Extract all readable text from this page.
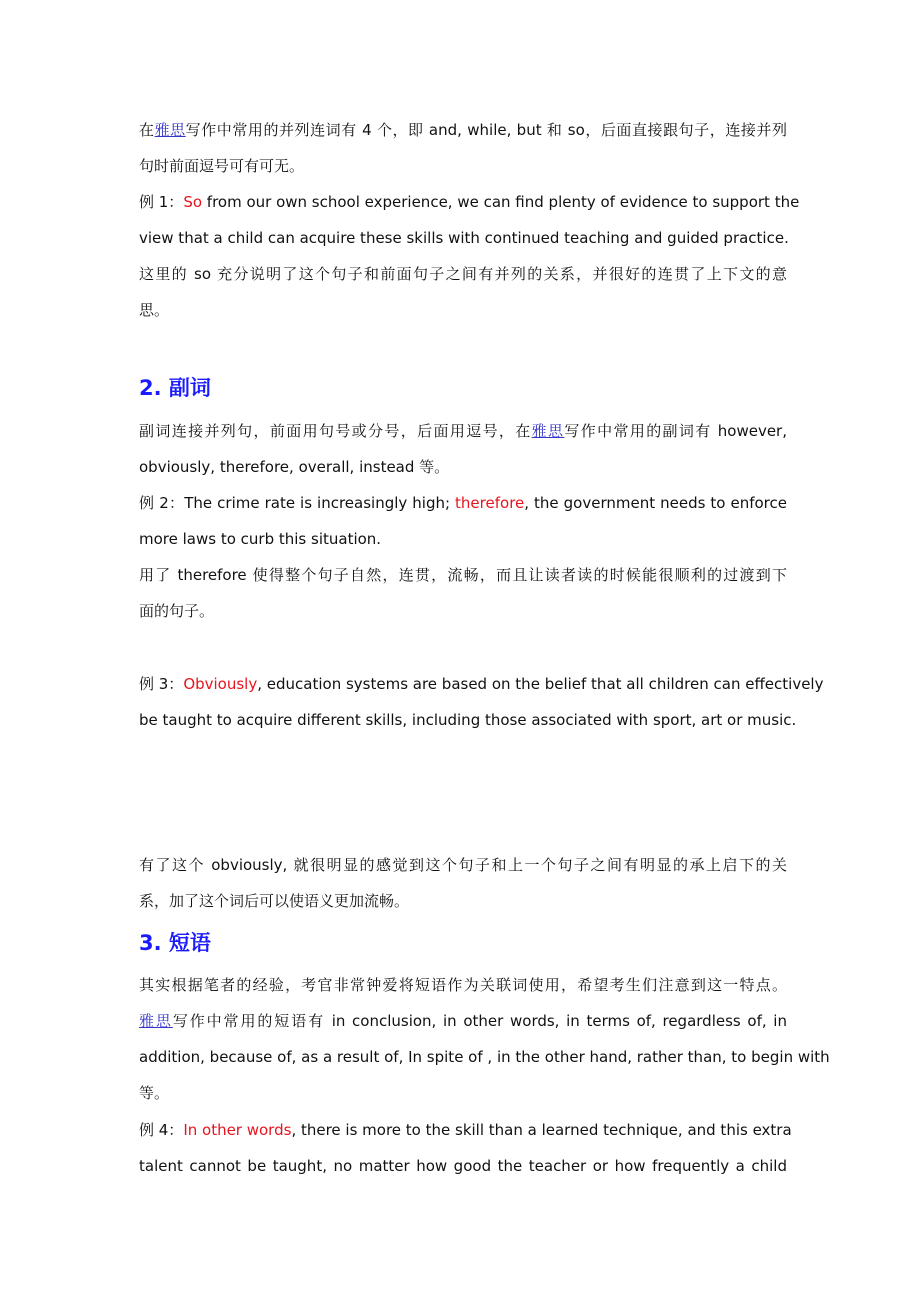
在雅思写作中常用的并列连词有 4 个，即 and, while, but 和 so，后面直接跟句子，连接并列
句时前面逗号可有可无。
例 1：So from our own school experience, we can find plenty of evidence to support the
view that a child can acquire these skills with continued teaching and guided practice.
这里的 so 充分说明了这个句子和前面句子之间有并列的关系，并很好的连贯了上下文的意
思。
2. 副词
副词连接并列句，前面用句号或分号，后面用逗号，在雅思写作中常用的副词有 however,
obviously, therefore, overall, instead 等。
例 2：The crime rate is increasingly high; therefore, the government needs to enforce
more laws to curb this situation.
用了 therefore 使得整个句子自然，连贯，流畅，而且让读者读的时候能很顺利的过渡到下
面的句子。
例 3：Obviously, education systems are based on the belief that all children can effectively
be taught to acquire different skills, including those associated with sport, art or music.
有了这个 obviously, 就很明显的感觉到这个句子和上一个句子之间有明显的承上启下的关
系，加了这个词后可以使语义更加流畅。
3. 短语
其实根据笔者的经验，考官非常钟爱将短语作为关联词使用，希望考生们注意到这一特点。
雅思写作中常用的短语有 in conclusion, in other words, in terms of, regardless of, in
addition, because of, as a result of, In spite of , in the other hand, rather than, to begin with
等。
例 4：In other words, there is more to the skill than a learned technique, and this extra
talent cannot be taught, no matter how good the teacher or how frequently a child
